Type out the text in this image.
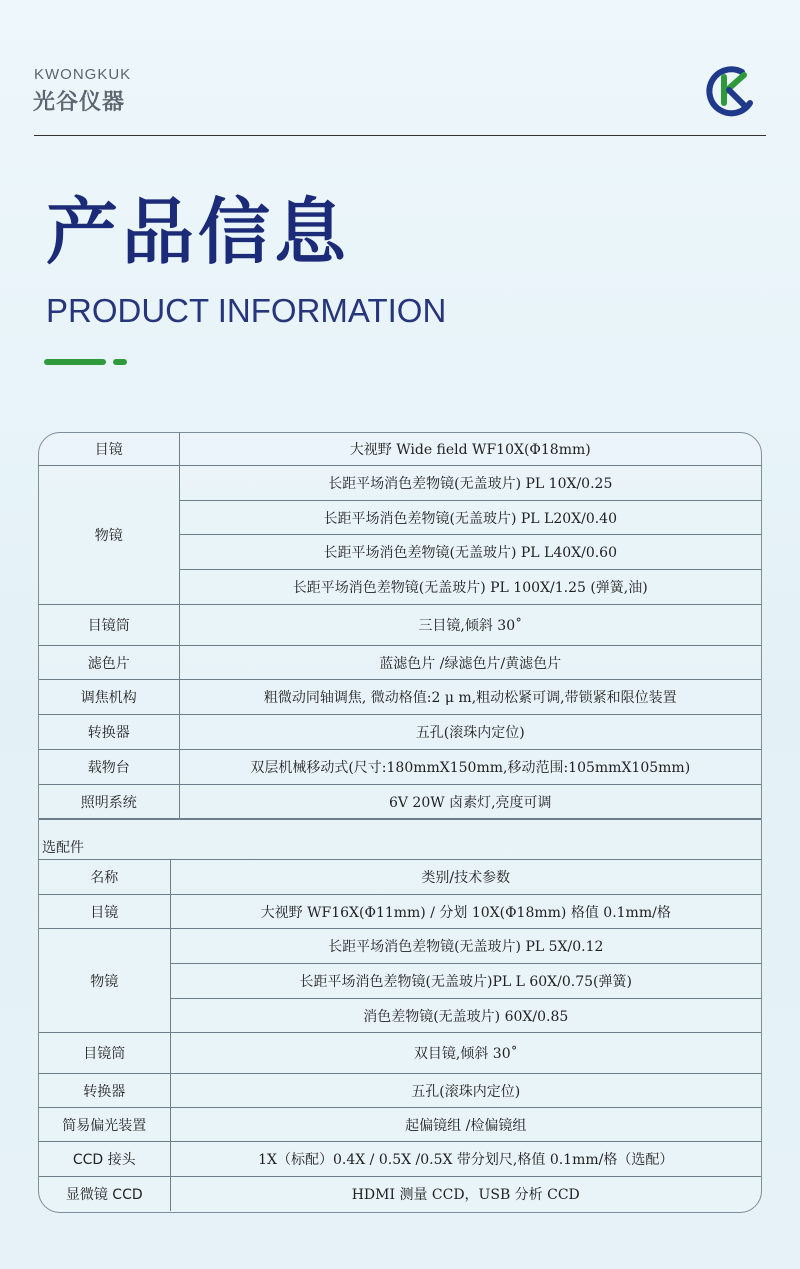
KWONGKUK
光谷仪器
产品信息
PRODUCT INFORMATION
目镜	大视野 Wide field WF10X(Φ18mm)
物镜	长距平场消色差物镜(无盖玻片) PL 10X/0.25
	长距平场消色差物镜(无盖玻片) PL L20X/0.40
	长距平场消色差物镜(无盖玻片) PL L40X/0.60
	长距平场消色差物镜(无盖玻片) PL 100X/1.25 (弹簧,油)
目镜筒	三目镜,倾斜 30˚
滤色片	蓝滤色片 /绿滤色片/黄滤色片
调焦机构	粗微动同轴调焦, 微动格值:2 μ m,粗动松紧可调,带锁紧和限位装置
转换器	五孔(滚珠内定位)
载物台	双层机械移动式(尺寸:180mmX150mm,移动范围:105mmX105mm)
照明系统	6V 20W 卤素灯,亮度可调
选配件	
名称	类别/技术参数
目镜	大视野 WF16X(Φ11mm) / 分划 10X(Φ18mm) 格值 0.1mm/格
物镜	长距平场消色差物镜(无盖玻片) PL 5X/0.12
	长距平场消色差物镜(无盖玻片)PL L 60X/0.75(弹簧)
	消色差物镜(无盖玻片) 60X/0.85
目镜筒	双目镜,倾斜 30˚
转换器	五孔(滚珠内定位)
简易偏光装置	起偏镜组 /检偏镜组
CCD 接头	1X（标配）0.4X / 0.5X /0.5X 带分划尺,格值 0.1mm/格（选配）
显微镜 CCD	HDMI 测量 CCD，USB 分析 CCD
